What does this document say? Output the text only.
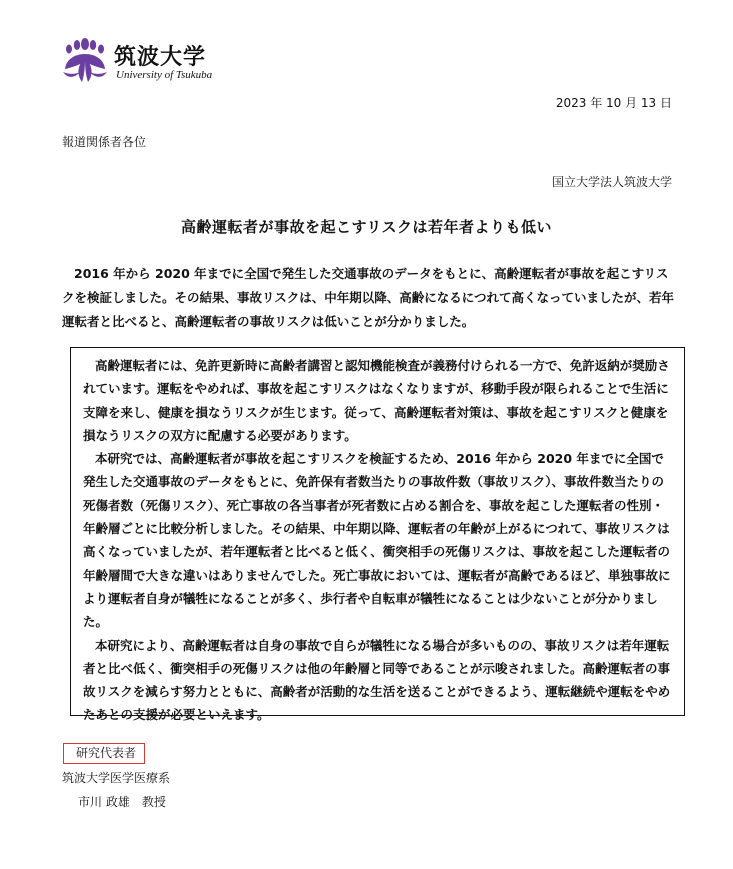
筑波大学
University of Tsukuba
2023 年 10 月 13 日
報道関係者各位
国立大学法人筑波大学
高齢運転者が事故を起こすリスクは若年者よりも低い
2016 年から 2020 年までに全国で発生した交通事故のデータをもとに、高齢運転者が事故を起こすリスクを検証しました。その結果、事故リスクは、中年期以降、高齢になるにつれて高くなっていましたが、若年運転者と比べると、高齢運転者の事故リスクは低いことが分かりました。

高齢運転者には、免許更新時に高齢者講習と認知機能検査が義務付けられる一方で、免許返納が奨励されています。運転をやめれば、事故を起こすリスクはなくなりますが、移動手段が限られることで生活に支障を来し、健康を損なうリスクが生じます。従って、高齢運転者対策は、事故を起こすリスクと健康を損なうリスクの双方に配慮する必要があります。

本研究では、高齢運転者が事故を起こすリスクを検証するため、2016 年から 2020 年までに全国で発生した交通事故のデータをもとに、免許保有者数当たりの事故件数（事故リスク）、事故件数当たりの死傷者数（死傷リスク）、死亡事故の各当事者が死者数に占める割合を、事故を起こした運転者の性別・年齢層ごとに比較分析しました。その結果、中年期以降、運転者の年齢が上がるにつれて、事故リスクは高くなっていましたが、若年運転者と比べると低く、衝突相手の死傷リスクは、事故を起こした運転者の年齢層間で大きな違いはありませんでした。死亡事故においては、運転者が高齢であるほど、単独事故により運転者自身が犠牲になることが多く、歩行者や自転車が犠牲になることは少ないことが分かりました。

本研究により、高齢運転者は自身の事故で自らが犠牲になる場合が多いものの、事故リスクは若年運転者と比べ低く、衝突相手の死傷リスクは他の年齢層と同等であることが示唆されました。高齢運転者の事故リスクを減らす努力とともに、高齢者が活動的な生活を送ることができるよう、運転継続や運転をやめたあとの支援が必要といえます。

研究代表者
筑波大学医学医療系
市川 政雄　教授
